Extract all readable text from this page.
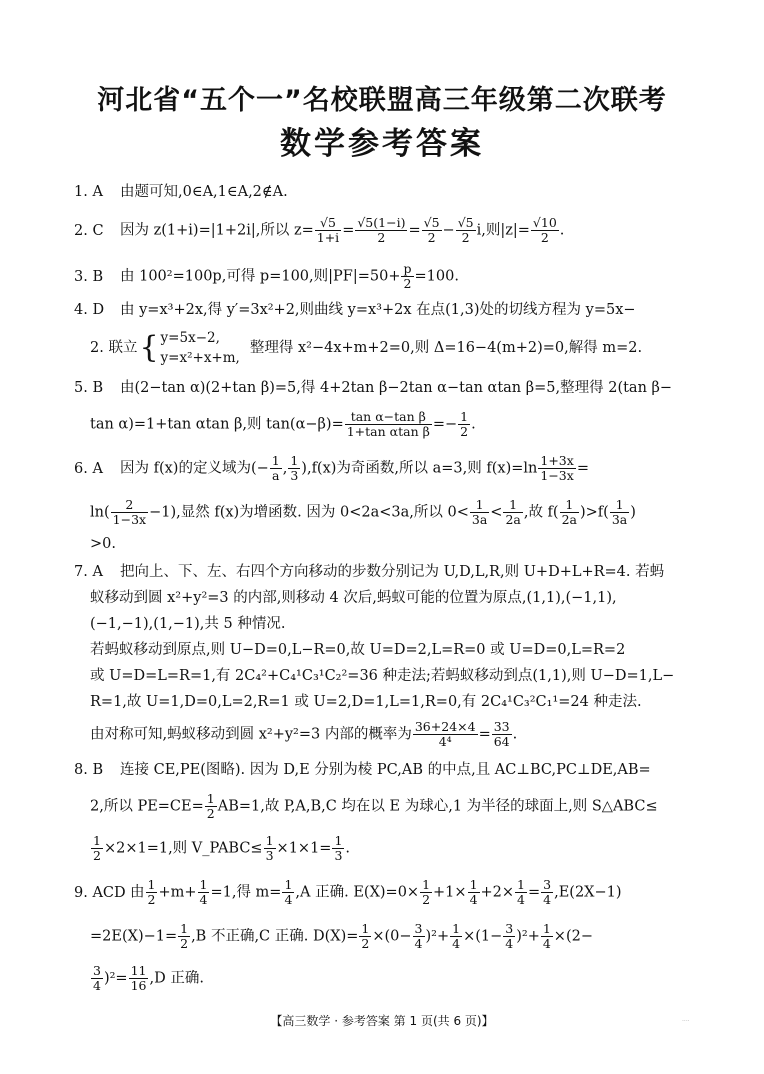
河北省“五个一”名校联盟高三年级第二次联考
数学参考答案
1. A 由题可知,0∈A,1∈A,2∉A.
2. C 因为 z(1+i)=|1+2i|,所以 $z= \frac{√5}{1+i} = \frac{√5(1-i)}{2} = \frac{√5}{2} - \frac{√5}{2} i$,则$|z|= \frac{√10}{2}$ .
3. B 由 100²=100p,可得 p=100,则$|PF|=50+ \frac{p}{2} =100$.
4. D 由 y=x³+2x,得 y′=3x²+2,则曲线 y=x³+2x 在点(1,3)处的切线方程为 y=5x−
2. 联立{ y=5x−2,
y=x²+x+m,
整理得 x²−4x+m+2=0,则 Δ=16−4(m+2)=0,解得 m=2.
5. B 由(2−tan α)(2+tan β)=5,得 4+2tan β−2tan α−tan αtan β=5,整理得 2(tan β−
tan α)=1+tan αtan β,则 $\tan(\alpha-\beta)= \frac{\text{tan α−tan β}}{\text{1+tan αtan β}} =- \frac{1}{2}$ .
6. A 因为 f(x)的定义域为(− $\frac{1}{a}$ , $\frac{1}{3} ),f(x)$为奇函数,所以 a=3,则 $f(x)=\ln \frac{1+3x}{1-3x}$ =
$\ln( \frac{2}{1-3x} -1)$,显然 f(x)为增函数. 因为 0<2a<3a,所以 $0< \frac{1}{3a} < \frac{1}{2a}$ ,故 $f( \frac{1}{2a} )>f( \frac{1}{3a}$ )
>0.
7. A 把向上、下、左、右四个方向移动的步数分别记为 U,D,L,R,则 U+D+L+R=4. 若蚂
蚁移动到圆 x²+y²=3 的内部,则移动 4 次后,蚂蚁可能的位置为原点,(1,1),(−1,1),
(−1,−1),(1,−1),共 5 种情况.
若蚂蚁移动到原点,则 U−D=0,L−R=0,故 U=D=2,L=R=0 或 U=D=0,L=R=2
或 U=D=L=R=1,有 2C₄²+C₄¹C₃¹C₂²=36 种走法;若蚂蚁移动到点(1,1),则 U−D=1,L−
R=1,故 U=1,D=0,L=2,R=1 或 U=2,D=1,L=1,R=0,有 2C₄¹C₃²C₁¹=24 种走法.
由对称可知,蚂蚁移动到圆 x²+y²=3 内部的概率为 $\frac{36+24\times 4}{\text{4⁴}} = \frac{33}{64}$ .
8. B 连接 CE,PE(图略). 因为 D,E 分别为棱 PC,AB 的中点,且 AC⊥BC,PC⊥DE,AB=
2,所以 $PE=CE= \frac{1}{2} AB=1$,故 P,A,B,C 均在以 E 为球心,1 为半径的球面上,则 S△ABC≤
$\frac{1}{2} \times 2\times 1=1$,则 V_PABC≤ $\frac{1}{3} \times 1\times 1= \frac{1}{3}$ .
9. ACD 由 $\frac{1}{2} +m+ \frac{1}{4} =1$,得 $m= \frac{1}{4} ,A$ 正确. $E(X)=0\times \frac{1}{2} +1\times \frac{1}{4} +2\times \frac{1}{4} = \frac{3}{4} ,E(2X-1)$
$=2E(X)-1= \frac{1}{2} ,B$ 不正确,C 正确. $D(X)= \frac{1}{2} \times(0- \frac{3}{4} )^2+ \frac{1}{4} \times(1- \frac{3}{4} )^2+ \frac{1}{4} \times(2-$
$\frac{3}{4} )^2= \frac{11}{16} ,D$ 正确.
【高三数学 · 参考答案 第 1 页(共 6 页)】	····
